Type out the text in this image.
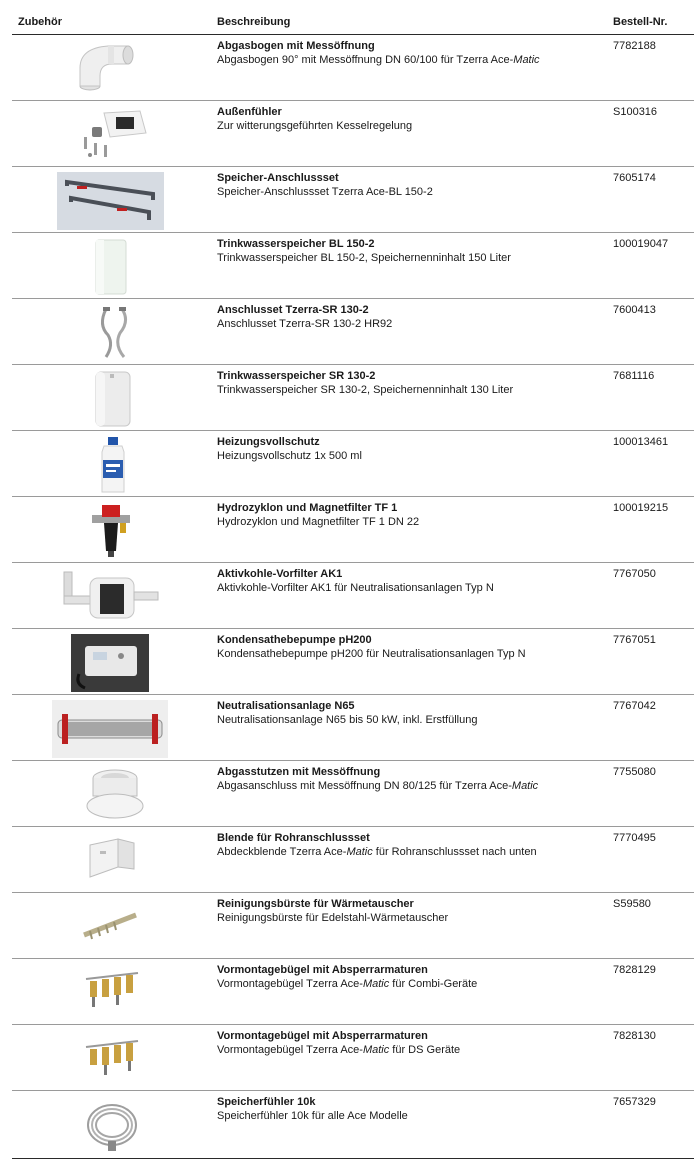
Zubehör	Beschreibung	Bestell-Nr.
Abgasbogen mit Messöffnung
Abgasbogen 90° mit Messöffnung DN 60/100 für Tzerra Ace-Matic
7782188
Außenfühler
Zur witterungsgeführten Kesselregelung
S100316
Speicher-Anschlussset
Speicher-Anschlussset Tzerra Ace-BL 150-2
7605174
Trinkwasserspeicher BL 150-2
Trinkwasserspeicher BL 150-2, Speichernenninhalt 150 Liter
100019047
Anschlusset Tzerra-SR 130-2
Anschlusset Tzerra-SR 130-2 HR92
7600413
Trinkwasserspeicher SR 130-2
Trinkwasserspeicher SR 130-2, Speichernenninhalt 130 Liter
7681116
Heizungsvollschutz
Heizungsvollschutz 1x 500 ml
100013461
Hydrozyklon und Magnetfilter TF 1
Hydrozyklon und Magnetfilter TF 1 DN 22
100019215
Aktivkohle-Vorfilter AK1
Aktivkohle-Vorfilter AK1 für Neutralisationsanlagen Typ N
7767050
Kondensathebepumpe pH200
Kondensathebepumpe pH200 für Neutralisationsanlagen Typ N
7767051
Neutralisationsanlage N65
Neutralisationsanlage N65 bis 50 kW, inkl. Erstfüllung
7767042
Abgasstutzen mit Messöffnung
Abgasanschluss mit Messöffnung DN 80/125 für Tzerra Ace-Matic
7755080
Blende für Rohranschlussset
Abdeckblende Tzerra Ace-Matic für Rohranschlussset nach unten
7770495
Reinigungsbürste für Wärmetauscher
Reinigungsbürste für Edelstahl-Wärmetauscher
S59580
Vormontagebügel mit Absperrarmaturen
Vormontagebügel Tzerra Ace-Matic für Combi-Geräte
7828129
Vormontagebügel mit Absperrarmaturen
Vormontagebügel Tzerra Ace-Matic für DS Geräte
7828130
Speicherfühler 10k
Speicherfühler 10k für alle Ace Modelle
7657329
